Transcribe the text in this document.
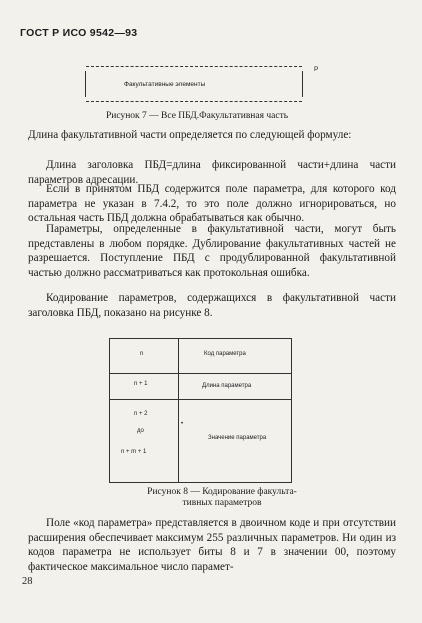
ГОСТ Р ИСО 9542—93
Факультативные элементы
Р
Рисунок 7 — Все ПБД.Факультативная часть
Длина факультативной части определяется по следующей формуле:
Длина заголовка ПБД=длина фиксированной части+длина части параметров адресации.
Если в принятом ПБД содержится поле параметра, для которого код параметра не указан в 7.4.2, то это поле должно игнорироваться, но остальная часть ПБД должна обрабатываться как обычно.
Параметры, определенные в факультативной части, могут быть представлены в любом порядке. Дублирование факультативных частей не разрешается. Поступление ПБД с продублированной факультативной частью должно рассматриваться как протокольная ошибка.
Кодирование параметров, содержащихся в факультативной части заголовка ПБД, показано на рисунке 8.
n	Код параметра
n + 1	Длина параметра
n + 2
до
n + m + 1
•
Значение параметра
Рисунок 8 — Кодирование факульта-
тивных параметров
Поле «код параметра» представляется в двоичном коде и при отсутствии расширения обеспечивает максимум 255 различных параметров. Ни один из кодов параметра не использует биты 8 и 7 в значении 00, поэтому фактическое максимальное число парамет-
28
